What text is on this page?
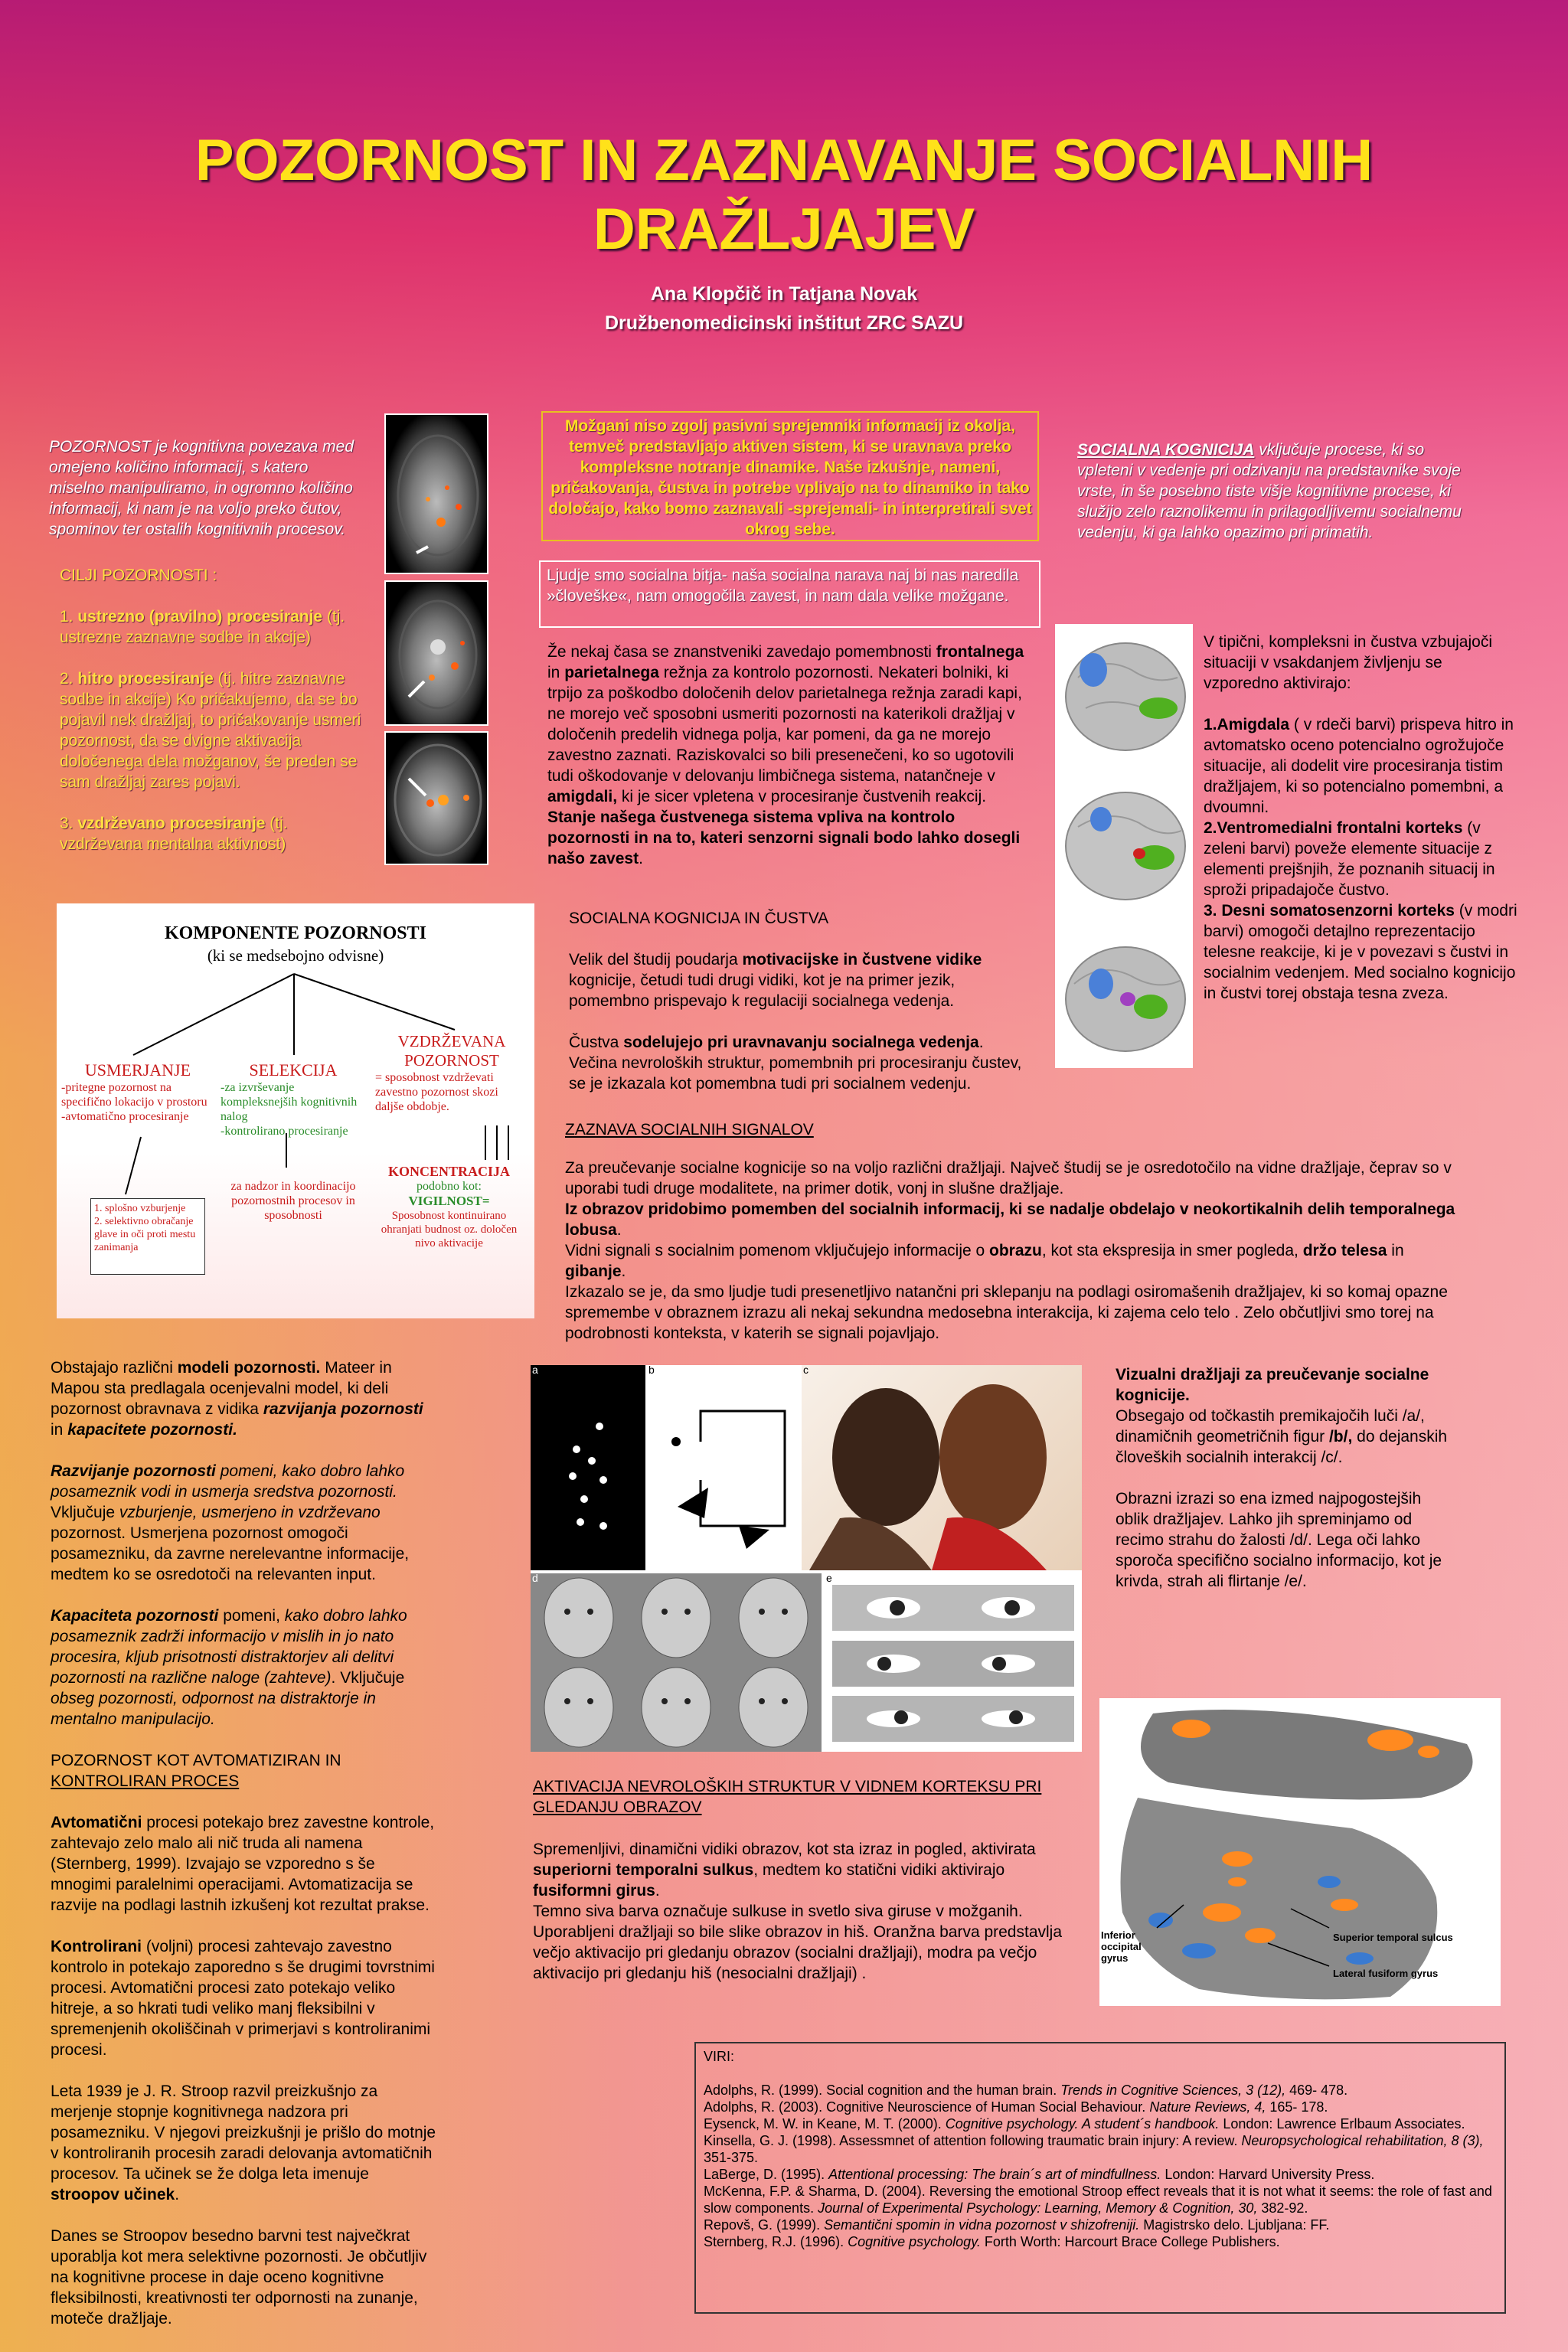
POZORNOST IN ZAZNAVANJE SOCIALNIH DRAŽLJAJEV
Ana Klopčič in Tatjana Novak
Družbenomedicinski inštitut ZRC SAZU
POZORNOST je kognitivna povezava med omejeno količino informacij, s katero miselno manipuliramo, in ogromno količino informacij, ki nam je na voljo preko čutov, spominov ter ostalih kognitivnih procesov.
CILJI POZORNOSTI :
1. ustrezno (pravilno) procesiranje (tj. ustrezne zaznavne sodbe in akcije)
2. hitro procesiranje (tj. hitre zaznavne sodbe in akcije) Ko pričakujemo, da se bo pojavil nek dražljaj, to pričakovanje usmeri pozornost, da se dvigne aktivacija določenega dela možganov, še preden se sam dražljaj zares pojavi.
3. vzdrževano procesiranje (tj. vzdrževana mentalna aktivnost)
Možgani niso zgolj pasivni sprejemniki informacij iz okolja, temveč predstavljajo aktiven sistem, ki se uravnava preko kompleksne notranje dinamike. Naše izkušnje, nameni, pričakovanja, čustva in potrebe vplivajo na to dinamiko in tako določajo, kako bomo zaznavali -sprejemali- in interpretirali svet okrog sebe.
Ljudje smo socialna bitja- naša socialna narava naj bi nas naredila »človeške«, nam omogočila zavest, in nam dala velike možgane.
Že nekaj časa se znanstveniki zavedajo pomembnosti frontalnega in parietalnega režnja za kontrolo pozornosti. Nekateri bolniki, ki trpijo za poškodbo določenih delov parietalnega režnja zaradi kapi, ne morejo več sposobni usmeriti pozornosti na katerikoli dražljaj v določenih predelih vidnega polja, kar pomeni, da ga ne morejo zavestno zaznati. Raziskovalci so bili presenečeni, ko so ugotovili tudi oškodovanje v delovanju limbičnega sistema, natančneje v amigdali, ki je sicer vpletena v procesiranje čustvenih reakcij. Stanje našega čustvenega sistema vpliva na kontrolo pozornosti in na to, kateri senzorni signali bodo lahko dosegli našo zavest.
SOCIALNA KOGNICIJA IN ČUSTVA
Velik del študij poudarja motivacijske in čustvene vidike kognicije, četudi tudi drugi vidiki, kot je na primer jezik, pomembno prispevajo k regulaciji socialnega vedenja.
Čustva sodelujejo pri uravnavanju socialnega vedenja. Večina nevroloških struktur, pomembnih pri procesiranju čustev, se je izkazala kot pomembna tudi pri socialnem vedenju.
SOCIALNA KOGNICIJA vključuje procese, ki so vpleteni v vedenje pri odzivanju na predstavnike svoje vrste, in še posebno tiste višje kognitivne procese, ki služijo zelo raznolikemu in prilagodljivemu socialnemu vedenju, ki ga lahko opazimo pri primatih.
V tipični, kompleksni in čustva vzbujajoči situaciji v vsakdanjem življenju se vzporedno aktivirajo:
1.Amigdala ( v rdeči barvi) prispeva hitro in avtomatsko oceno potencialno ogrožujoče situacije, ali dodelit vire procesiranja tistim dražljajem, ki so potencialno pomembni, a dvoumni.
2.Ventromedialni frontalni korteks (v zeleni barvi) poveže elemente situacije z elementi prejšnjih, že poznanih situacij in sproži pripadajoče čustvo.
3. Desni somatosenzorni korteks (v modri barvi) omogoči detajlno reprezentacijo telesne reakcije, ki je v povezavi s čustvi in socialnim vedenjem. Med socialno kognicijo in čustvi torej obstaja tesna zveza.
KOMPONENTE POZORNOSTI
(ki se medsebojno odvisne)
USMERJANJE
-pritegne pozornost na specifično lokacijo v prostoru
-avtomatično procesiranje
SELEKCIJA
-za izvrševanje kompleksnejših kognitivnih nalog
-kontrolirano procesiranje
VZDRŽEVANA POZORNOST
= sposobnost vzdrževati zavestno pozornost skozi daljše obdobje.
1. splošno vzburjenje
2. selektivno obračanje glave in oči proti mestu zanimanja
za nadzor in koordinacijo pozornostnih procesov in sposobnosti
KONCENTRACIJA
podobno kot:
VIGILNOST=
Sposobnost kontinuirano ohranjati budnost oz. določen nivo aktivacije
ZAZNAVA SOCIALNIH SIGNALOV
Za preučevanje socialne kognicije so na voljo različni dražljaji. Največ študij se je osredotočilo na vidne dražljaje, čeprav so v uporabi tudi druge modalitete, na primer dotik, vonj in slušne dražljaje.
Iz obrazov pridobimo pomemben del socialnih informacij, ki se nadalje obdelajo v neokortikalnih delih temporalnega lobusa.
Vidni signali s socialnim pomenom vključujejo informacije o obrazu, kot sta ekspresija in smer pogleda, držo telesa in gibanje.
Izkazalo se je, da smo ljudje tudi presenetljivo natančni pri sklepanju na podlagi osiromašenih dražljajev, ki so komaj opazne spremembe v obraznem izrazu ali nekaj sekundna medosebna interakcija, ki zajema celo telo . Zelo občutljivi smo torej na podrobnosti konteksta, v katerih se signali pojavljajo.
a	b	c
d	e
Vizualni dražljaji za preučevanje socialne kognicije.
Obsegajo od točkastih premikajočih luči /a/, dinamičnih geometričnih figur /b/, do dejanskih človeških socialnih interakcij /c/.
Obrazni izrazi so ena izmed najpogostejših oblik dražljajev. Lahko jih spreminjamo od recimo strahu do žalosti /d/. Lega oči lahko sporoča specifično socialno informacijo, kot je krivda, strah ali flirtanje /e/.
AKTIVACIJA NEVROLOŠKIH STRUKTUR V VIDNEM KORTEKSU PRI GLEDANJU OBRAZOV
Spremenljivi, dinamični vidiki obrazov, kot sta izraz in pogled, aktivirata superiorni temporalni sulkus, medtem ko statični vidiki aktivirajo fusiformni girus.
Temno siva barva označuje sulkuse in svetlo siva giruse v možganih. Uporabljeni dražljaji so bile slike obrazov in hiš. Oranžna barva predstavlja večjo aktivacijo pri gledanju obrazov (socialni dražljaji), modra pa večjo aktivacijo pri gledanju hiš (nesocialni dražljaji) .
Inferior occipital gyrus
Superior temporal sulcus
Lateral fusiform gyrus
Obstajajo različni modeli pozornosti. Mateer in Mapou sta predlagala ocenjevalni model, ki deli pozornost obravnava z vidika razvijanja pozornosti in kapacitete pozornosti.
Razvijanje pozornosti pomeni, kako dobro lahko posameznik vodi in usmerja sredstva pozornosti. Vključuje vzburjenje, usmerjeno in vzdrževano pozornost. Usmerjena pozornost omogoči posamezniku, da zavrne nerelevantne informacije, medtem ko se osredotoči na relevanten input.
Kapaciteta pozornosti pomeni, kako dobro lahko posameznik zadrži informacijo v mislih in jo nato procesira, kljub prisotnosti distraktorjev ali delitvi pozornosti na različne naloge (zahteve). Vključuje obseg pozornosti, odpornost na distraktorje in mentalno manipulacijo.
POZORNOST KOT AVTOMATIZIRAN IN
KONTROLIRAN PROCES
Avtomatični procesi potekajo brez zavestne kontrole, zahtevajo zelo malo ali nič truda ali namena (Sternberg, 1999). Izvajajo se vzporedno s še mnogimi paralelnimi operacijami. Avtomatizacija se razvije na podlagi lastnih izkušenj kot rezultat prakse.
Kontrolirani (voljni) procesi zahtevajo zavestno kontrolo in potekajo zaporedno s še drugimi tovrstnimi procesi. Avtomatični procesi zato potekajo veliko hitreje, a so hkrati tudi veliko manj fleksibilni v spremenjenih okoliščinah v primerjavi s kontroliranimi procesi.
Leta 1939 je J. R. Stroop razvil preizkušnjo za merjenje stopnje kognitivnega nadzora pri posamezniku. V njegovi preizkušnji je prišlo do motnje v kontroliranih procesih zaradi delovanja avtomatičnih procesov. Ta učinek se že dolga leta imenuje stroopov učinek.
Danes se Stroopov besedno barvni test največkrat uporablja kot mera selektivne pozornosti. Je občutljiv na kognitivne procese in daje oceno kognitivne fleksibilnosti, kreativnosti ter odpornosti na zunanje, moteče dražljaje.

VIRI:

Adolphs, R. (1999). Social cognition and the human brain. Trends in Cognitive Sciences, 3 (12), 469- 478.

Adolphs, R. (2003). Cognitive Neuroscience of Human Social Behaviour. Nature Reviews, 4, 165- 178.

Eysenck, M. W. in Keane, M. T. (2000). Cognitive psychology. A student´s handbook. London: Lawrence Erlbaum Associates.

Kinsella, G. J. (1998). Assessmnet of attention following traumatic brain injury: A review. Neuropsychological rehabilitation, 8 (3), 351-375.

LaBerge, D. (1995). Attentional processing: The brain´s art of mindfullness. London: Harvard University Press.

McKenna, F.P. & Sharma, D. (2004). Reversing the emotional Stroop effect reveals that it is not what it seems: the role of fast and slow components. Journal of Experimental Psychology: Learning, Memory & Cognition, 30, 382-92.

Repovš, G. (1999). Semantični spomin in vidna pozornost v shizofreniji. Magistrsko delo. Ljubljana: FF.

Sternberg, R.J. (1996). Cognitive psychology. Forth Worth: Harcourt Brace College Publishers.
